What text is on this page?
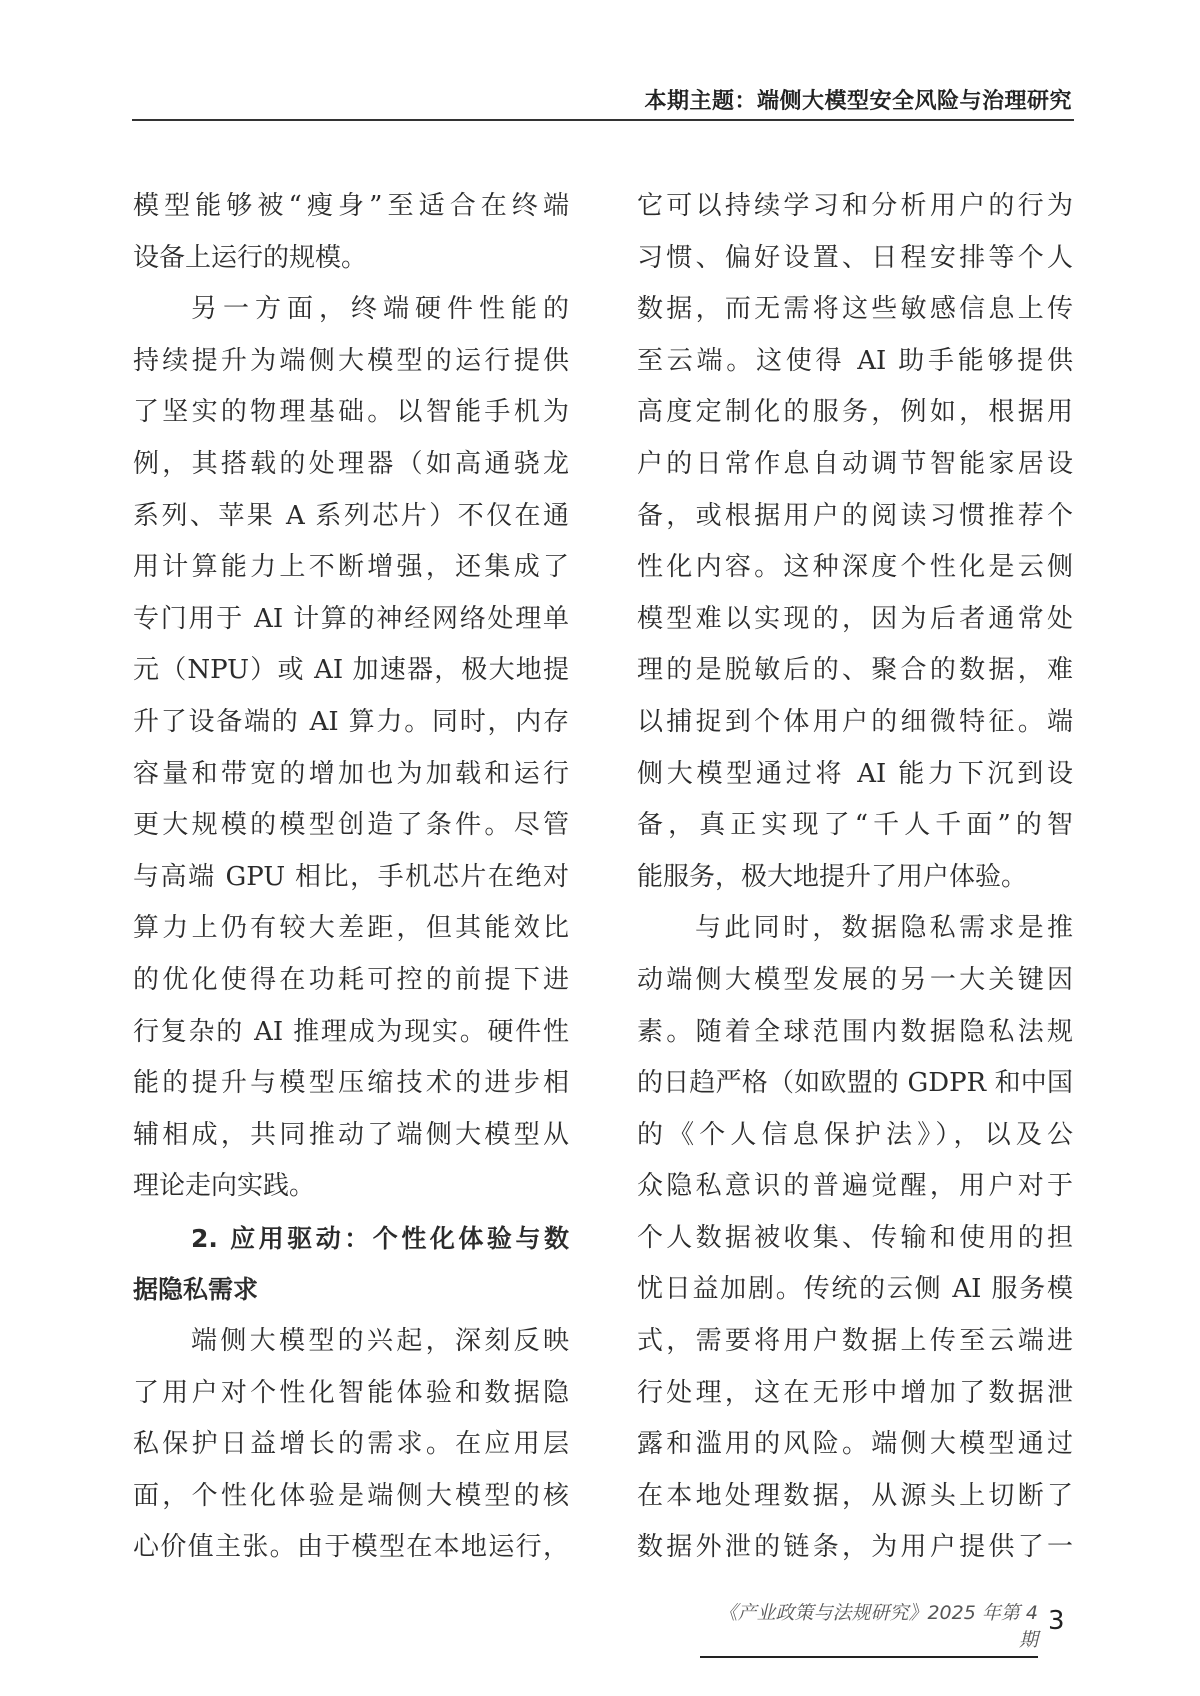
本期主题：端侧大模型安全风险与治理研究
模型能够被“瘦身”至适合在终端
设备上运行的规模。
另一方面，终端硬件性能的
持续提升为端侧大模型的运行提供
了坚实的物理基础。以智能手机为
例，其搭载的处理器（如高通骁龙
系列、苹果 A 系列芯片）不仅在通
用计算能力上不断增强，还集成了
专门用于 AI 计算的神经网络处理单
元（NPU）或 AI 加速器，极大地提
升了设备端的 AI 算力。同时，内存
容量和带宽的增加也为加载和运行
更大规模的模型创造了条件。尽管
与高端 GPU 相比，手机芯片在绝对
算力上仍有较大差距，但其能效比
的优化使得在功耗可控的前提下进
行复杂的 AI 推理成为现实。硬件性
能的提升与模型压缩技术的进步相
辅相成，共同推动了端侧大模型从
理论走向实践。
2. 应用驱动：个性化体验与数
据隐私需求
端侧大模型的兴起，深刻反映
了用户对个性化智能体验和数据隐
私保护日益增长的需求。在应用层
面，个性化体验是端侧大模型的核
心价值主张。由于模型在本地运行，
它可以持续学习和分析用户的行为
习惯、偏好设置、日程安排等个人
数据，而无需将这些敏感信息上传
至云端。这使得 AI 助手能够提供
高度定制化的服务，例如，根据用
户的日常作息自动调节智能家居设
备，或根据用户的阅读习惯推荐个
性化内容。这种深度个性化是云侧
模型难以实现的，因为后者通常处
理的是脱敏后的、聚合的数据，难
以捕捉到个体用户的细微特征。端
侧大模型通过将 AI 能力下沉到设
备，真正实现了“千人千面”的智
能服务，极大地提升了用户体验。
与此同时，数据隐私需求是推
动端侧大模型发展的另一大关键因
素。随着全球范围内数据隐私法规
的日趋严格（如欧盟的 GDPR 和中国
的《个人信息保护法》），以及公
众隐私意识的普遍觉醒，用户对于
个人数据被收集、传输和使用的担
忧日益加剧。传统的云侧 AI 服务模
式，需要将用户数据上传至云端进
行处理，这在无形中增加了数据泄
露和滥用的风险。端侧大模型通过
在本地处理数据，从源头上切断了
数据外泄的链条，为用户提供了一
《产业政策与法规研究》2025 年第 4 期
3
